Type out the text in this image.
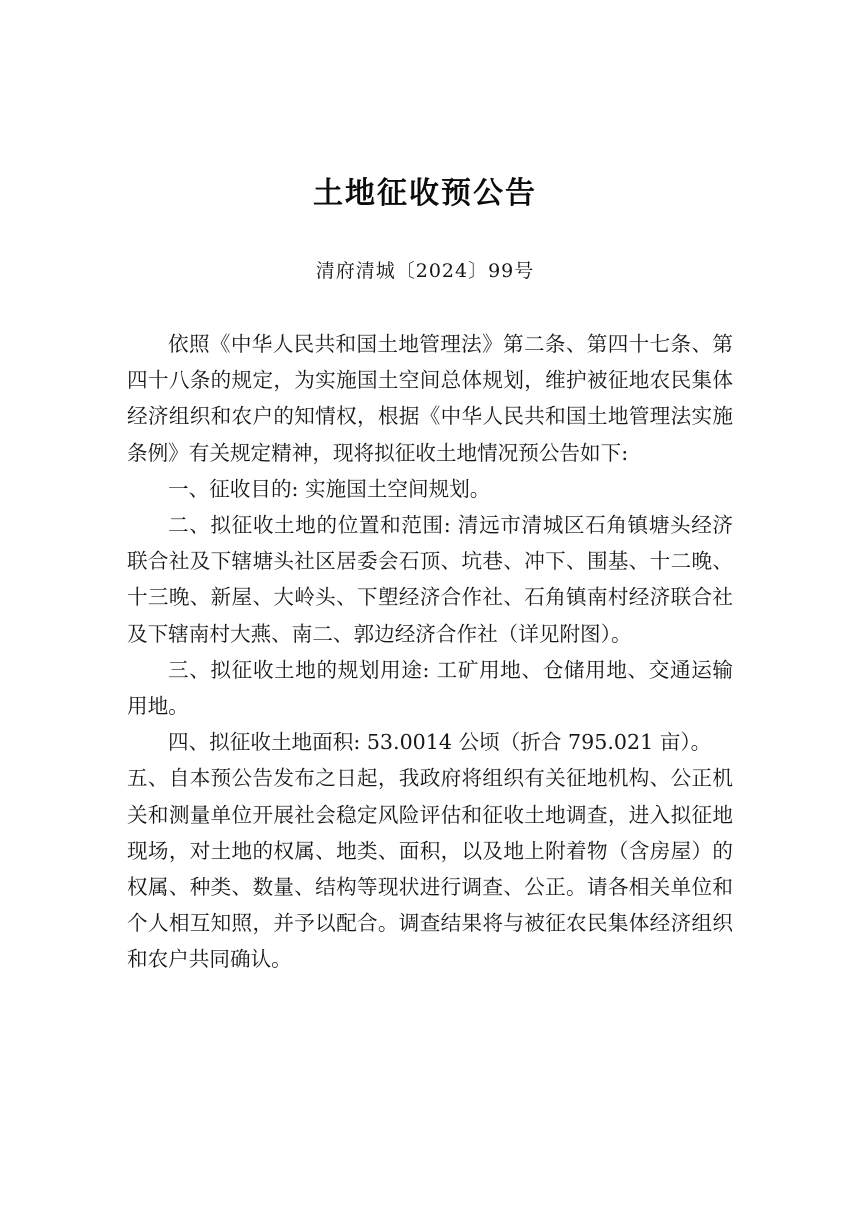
土地征收预公告
清府清城〔2024〕99号

依照《中华人民共和国土地管理法》第二条、第四十七条、第四十八条的规定，为实施国土空间总体规划，维护被征地农民集体经济组织和农户的知情权，根据《中华人民共和国土地管理法实施条例》有关规定精神，现将拟征收土地情况预公告如下:

一、征收目的: 实施国土空间规划。

二、拟征收土地的位置和范围: 清远市清城区石角镇塘头经济联合社及下辖塘头社区居委会石顶、坑巷、冲下、围基、十二晚、十三晚、新屋、大岭头、下塱经济合作社、石角镇南村经济联合社及下辖南村大燕、南二、郭边经济合作社（详见附图）。

三、拟征收土地的规划用途: 工矿用地、仓储用地、交通运输用地。

四、拟征收土地面积: 53.0014 公顷（折合 795.021 亩）。

五、自本预公告发布之日起，我政府将组织有关征地机构、公正机关和测量单位开展社会稳定风险评估和征收土地调查，进入拟征地现场，对土地的权属、地类、面积，以及地上附着物（含房屋）的权属、种类、数量、结构等现状进行调查、公正。请各相关单位和个人相互知照，并予以配合。调查结果将与被征农民集体经济组织和农户共同确认。
